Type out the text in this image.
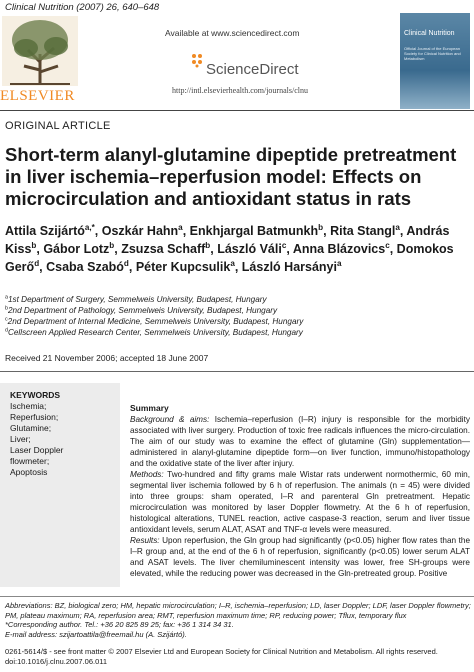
Clinical Nutrition (2007) 26, 640–648
ELSEVIER
Available at www.sciencedirect.com
ScienceDirect
http://intl.elsevierhealth.com/journals/clnu
Clinical Nutrition
Official Journal of the European Society for Clinical Nutrition and Metabolism
ORIGINAL ARTICLE
Short-term alanyl-glutamine dipeptide pretreatment in liver ischemia–reperfusion model: Effects on microcirculation and antioxidant status in rats
Attila Szijártó$^{a,*}$, Oszkár Hahn$^a$, Enkhjargal Batmunkh$^b$, Rita Stangl$^a$, András Kiss$^b$, Gábor Lotz$^b$, Zsuzsa Schaff$^b$, László Váli$^c$, Anna Blázovics$^c$, Domokos Gerő$^d$, Csaba Szabó$^d$, Péter Kupcsulik$^a$, László Harsányi$^a$
$^a$1st Department of Surgery, Semmelweis University, Budapest, Hungary
$^b$2nd Department of Pathology, Semmelweis University, Budapest, Hungary
$^c$2nd Department of Internal Medicine, Semmelweis University, Budapest, Hungary
$^d$Cellscreen Applied Research Center, Semmelweis University, Budapest, Hungary
Received 21 November 2006; accepted 18 June 2007
KEYWORDS
Ischemia;
Reperfusion;
Glutamine;
Liver;
Laser Doppler
flowmeter;
Apoptosis
Summary

Background & aims: Ischemia–reperfusion (I–R) injury is responsible for the morbidity associated with liver surgery. Production of toxic free radicals influences the micro-circulation. The aim of our study was to examine the effect of glutamine (Gln) supplementation—administered in alanyl-glutamine dipeptide form—on liver function, immuno/histopathology and the oxidative state of the liver after injury.

Methods: Two-hundred and fifty grams male Wistar rats underwent normothermic, 60 min, segmental liver ischemia followed by 6 h of reperfusion. The animals (n = 45) were divided into three groups: sham operated, I–R and parenteral Gln pretreatment. Hepatic microcirculation was monitored by laser Doppler flowmetry. At the 6 h of reperfusion, histological alterations, TUNEL reaction, active caspase-3 reaction, serum and liver tissue antioxidant levels, serum ALAT, ASAT and TNF-α levels were measured.

Results: Upon reperfusion, the Gln group had significantly (p<0.05) higher flow rates than the I–R group and, at the end of the 6 h of reperfusion, significantly (p<0.05) lower serum ALAT and ASAT levels. The liver chemiluminescent intensity was lower, free SH-groups were elevated, while the reducing power was decreased in the Gln-pretreated group. Positive

Abbreviations: BZ, biological zero; HM, hepatic microcirculation; I–R, ischemia–reperfusion; LD, laser Doppler; LDF, laser Doppler flowmetry; PM, plateau maximum; RA, reperfusion area; RMT, reperfusion maximum time; RP, reducing power; Tflux, temporary flux
*Corresponding author. Tel.: +36 20 825 89 25; fax: +36 1 314 34 31.
E-mail address: szijartoattila@freemail.hu (A. Szijártó).
0261-5614/$ - see front matter © 2007 Elsevier Ltd and European Society for Clinical Nutrition and Metabolism. All rights reserved.
doi:10.1016/j.clnu.2007.06.011
